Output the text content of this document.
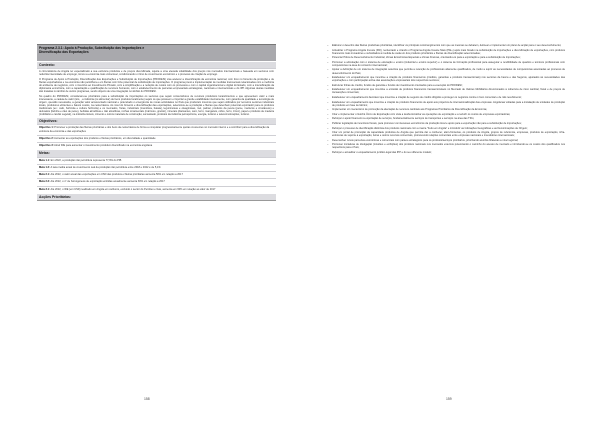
Programa 2.3.1: Apoio à Produção, Substituição das Importações e
Diversificação das Exportações
Contexto:

A circunstância de Angola ter especializado a sua estrutura produtiva e de preços diversificada, sujeita a uma elevada volatilidade dos preços nos mercados internacionais e baseada em sectores com reduzida intensidade de emprego, tornou a economia mais vulnerável, condicionando o ritmo de crescimento económico e o processo de criação de emprego.

O Programa de Apoio à Produção, Diversificação das Exportações e Substituição de Importações (PRODESI) visa acelerar a diversificação da economia nacional, com foco no fomento da produção e de fileiras exportadoras e na economia não petrolífera e em fileiras com forte potencial de substituição de importações. O programa prevê a implementação de medidas transversais relacionadas com a melhoria do ambiente de negócios, com o incentivo ao Investimento Privado, com a simplificação e a redução de custos com os processos e com o capital organizacional e digital do Estado, com a intensificação da diplomacia económica, com a capacitação e qualificação de recursos humanos, com o estabelecimento de parcerias empresariais estratégicas, nacionais e internacionais e do IPP. Algumas destas medidas são tratadas no âmbito de outros programas, sendo objecto de uma integração no âmbito do PRODESI.

No quadro do PRODESI, consideram-se prioritários para a substituição de importações os sectores que sejam consumidores de recursos produtivos locais/internos e que apresentem valor e mais interessante, a cadeia de valor (isto, , a indústria (ou alimentar) de bens produtos localmente) sejam os que possuem e importar a grande estabilidade internamente, com garantia da qualidade e tecnologia de origem, questão necessária, a geração valor acrescentado nacional e potenciado o emergência de novas actividades no País que produzam insumos que sejam utilizados por terceiros sectores industriais locais, produtores eficientes e baixos custos, na cesta básica. Ao nível do fomento e diversificação das exportações, selecionou-se a produção e fileiras que detenham potencial exportador para os produtos tradicionais (ex.: café, horticola e cultura hortícola) e os mercados, frutas, industriais (mandioca, batata), leguminosas e oleaginosas, mel, palmar, produtos da pesca (peixe, mariscos e crustáceos) e derivados (farinha e óleo de peixe), bebidas alcoólicas e não alcoólicas, rochas ornamentais (mármore, granito), minerais (diamantes, ouro, ferro, manganês, cobre, ferro, zinco), papel e produtos de madeira (mobiliário e carvão vegetal), na indústria têxteis, cimento e outros materiais de construção, sal salvado, produtos da indústria petroquímica, energia, turismo e telecomunicações, turismo.

Objectivos:
Objectivo 1: Promover a produção das fileiras prioritárias e dos bens da cesta básica de forma a conquistar progressivamente quotas crescentes no mercado interno e a contribuir para a diversificação da estrutura da economia e das exportações
Objectivo 2: Aumentar as exportações dos produtos e fileiras prioritários, em diversidade e quantidade
Objectivo 3: Atrair IDE para aumentar o investimento produtivo diversificado na economia angolana
Metas:
Meta 1.1: Em 2022, a produção não petrolífera representa 77,9% do PIB
Meta 1.2: A taxa média anual de crescimento real da produção não petrolífera entre 2018 e 2022 é de 5,1%
Meta 2.1: Até 2022, o valor anual das exportações em USD das produtos e fileiras prioritárias aumenta 50% em relação a 2017
Meta 2.2: Até 2022, o nº de homogéneos de exportação emitidas anualmente aumenta 30% em relação a 2017
Meta 3.1: Até 2022, o IDE (em USD) realizado em Angola em carburos, excluído o sector do Petróleo e Gás, aumenta em 60% em relação ao valor de 2017
Acções Prioritárias:
158
– Elaborar o desenho das fileiras produtivas prioritárias, identificar os principais constrangimentos com que as mesmas se debatem, delinear e implementar um plano de acção para o seu desenvolvimento;
– Actualizar o Programa Angola Investe (PAI), reorientado e criando o Programa Angola Investe Mais (PAI+) após mais focado na substituição de importações e diversificação de exportações, com produtos financeiros mais inovadores e subsidiados à medida de cada um dos produtos prioritários e fileiras de diversificação seleccionadas;
– Potenciar Pólos de Desenvolvimento Industrial, Zonas Económicas Especiais e Zonas Francas, orientando-os para a exportação e para a substituição de importações;
– Promover a articulação com o sistema de educação e ensino (industrial e ensino superior) e o sistema de formação profissional para assegurar a rendibilidade de quadros e técnicos profissionais com competências na área do comércio internacional;
– Apoiar a definição de um sistema de integração selectiva que permita a retenção de profissionais altamente qualificados, de modo a suprir as necessidades de competências associadas ao processo de desenvolvimento do País;
– Estabelecer um enquadramento que incentive a criação de produtos financeiros (créditos, garantias e produtos transaccionais) nos sectores da banca e das Seguros, ajustados às necessidades das exportações e com participação activa das associações empresariais dos respectivos sectores;
– Estruturar linhas de crédito, fundos de garantia e fundos de investimento orientados para a execução do PRODESI;
– Estabelecer um enquadramento que incentive a emissão de produtos financeiros transaccionáveis no Mercado de Valores Mobiliários direccionados à cobertura de risco cambial, fiscal e de preços de transacções comerciais;
– Estabelecer um enquadramento favorável que incentive a criação de seguros de crédito dirigidos a proteger os negócios contra o risco comercial e de não recebimento;
– Estabelecer um enquadramento que incentive a criação de produtos financeiros de apoio aos projectos de internacionalização das empresas. Angolanas voltadas para a instalação de unidades de produção de produtos em fase de fabrico;
– Implementar um mecanismo de promoção da afectação de recursos cambiais aos Programas Prioritários da Diversificação da Economia;
– Criar e implementar o Guichê Único de Exportação com vista a desburocratizar as operações de exportação e a reduzir os custos de empresas exportadoras;
– Reforçar o apoio financeiro à exportação de serviços, fundamentalmente serviços de transportes e serviços na área das TICs;
– Publicar legislação de incentivos fiscais, para promover os interesses económicos da produção local e apoio para a exportação não para a substituição de importações;
– Reforçar o processo de identificação distintiva dos produtos nacionais com a marca "Feito em Angola" e introduzir as Indicações Geográficas e as Denominações de Origem;
– Criar um portal de promoção da capacidade produtiva de Angola que permita dar a conhecer, além-fronteiras, os produtos de Angola, grupos de referência, empresas, produtos de exportação, infra-estruturas de suporte à exportação, feiras e outros recursos comerciais, promovendo relações comerciais entre empresas nacionais e investidores internacionais;
– Desenvolver novos parcerias económicas e comerciais com países estratégicos para os produtos/serviços prioritários, priorizando acordos bilaterais a nível regional;
– Promover iniciativas de divulgação (missões e exibições) dos produtos nacionais nos mercados externos potenciando o caminho do acesso de mercado e inimizando-se os custos dos qualificados nos respectivos para o País;
– Reforçar e actualizar o enquadramento jurídico-legal das IPP e do seu diferente modelo;
159
